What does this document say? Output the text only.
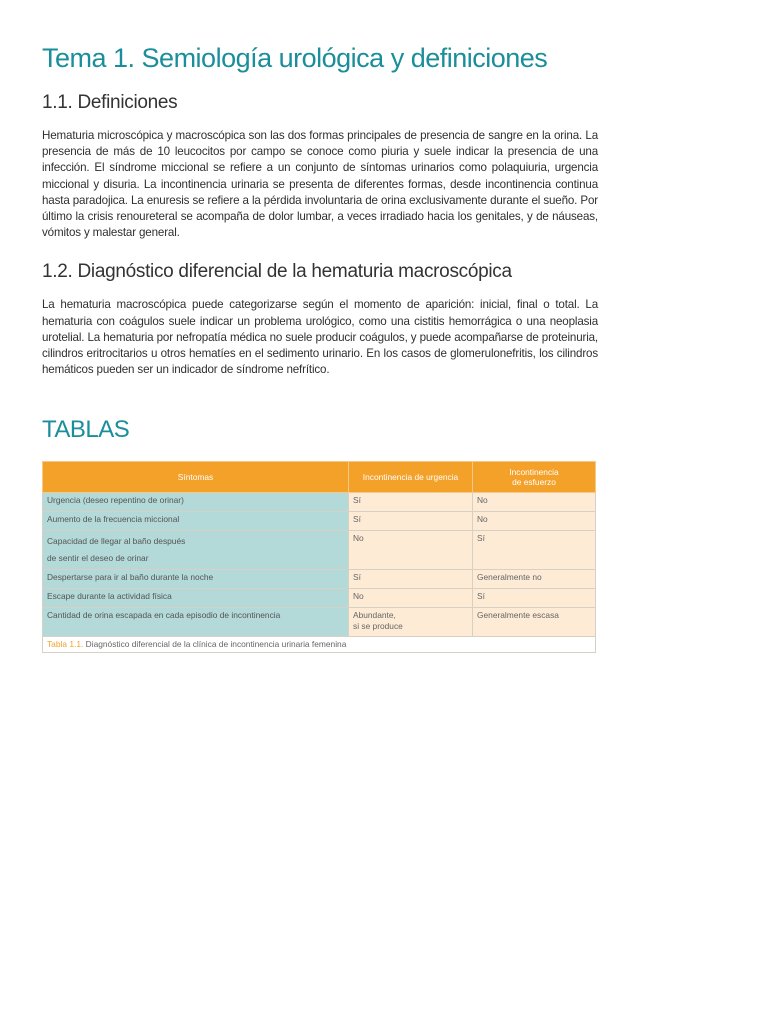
Tema 1. Semiología urológica y definiciones
1.1. Definiciones

Hematuria microscópica y macroscópica son las dos formas principales de presencia de sangre en la orina. La presencia de más de 10 leucocitos por campo se conoce como piuria y suele indicar la presencia de una infección. El síndrome miccional se refiere a un conjunto de síntomas urinarios como polaquiuria, urgencia miccional y disuria. La incontinencia urinaria se presenta de diferentes formas, desde incontinencia continua hasta paradojica. La enuresis se refiere a la pérdida involuntaria de orina exclusivamente durante el sueño. Por último la crisis renoureteral se acompaña de dolor lumbar, a veces irradiado hacia los genitales, y de náuseas, vómitos y malestar general.

1.2. Diagnóstico diferencial de la hematuria macroscópica

La hematuria macroscópica puede categorizarse según el momento de aparición: inicial, final o total. La hematuria con coágulos suele indicar un problema urológico, como una cistitis hemorrágica o una neoplasia urotelial. La hematuria por nefropatía médica no suele producir coágulos, y puede acompañarse de proteinuria, cilindros eritrocitarios u otros hematíes en el sedimento urinario. En los casos de glomerulonefritis, los cilindros hemáticos pueden ser un indicador de síndrome nefrítico.

TABLAS
Síntomas	Incontinencia de urgencia	Incontinencia
de esfuerzo
Urgencia (deseo repentino de orinar)	Sí	No
Aumento de la frecuencia miccional	Sí	No
Capacidad de llegar al baño después
de sentir el deseo de orinar	No	Sí
Despertarse para ir al baño durante la noche	Sí	Generalmente no
Escape durante la actividad física	No	Sí
Cantidad de orina escapada en cada episodio de incontinencia	Abundante,
si se produce	Generalmente escasa
Tabla 1.1. Diagnóstico diferencial de la clínica de incontinencia urinaria femenina		
